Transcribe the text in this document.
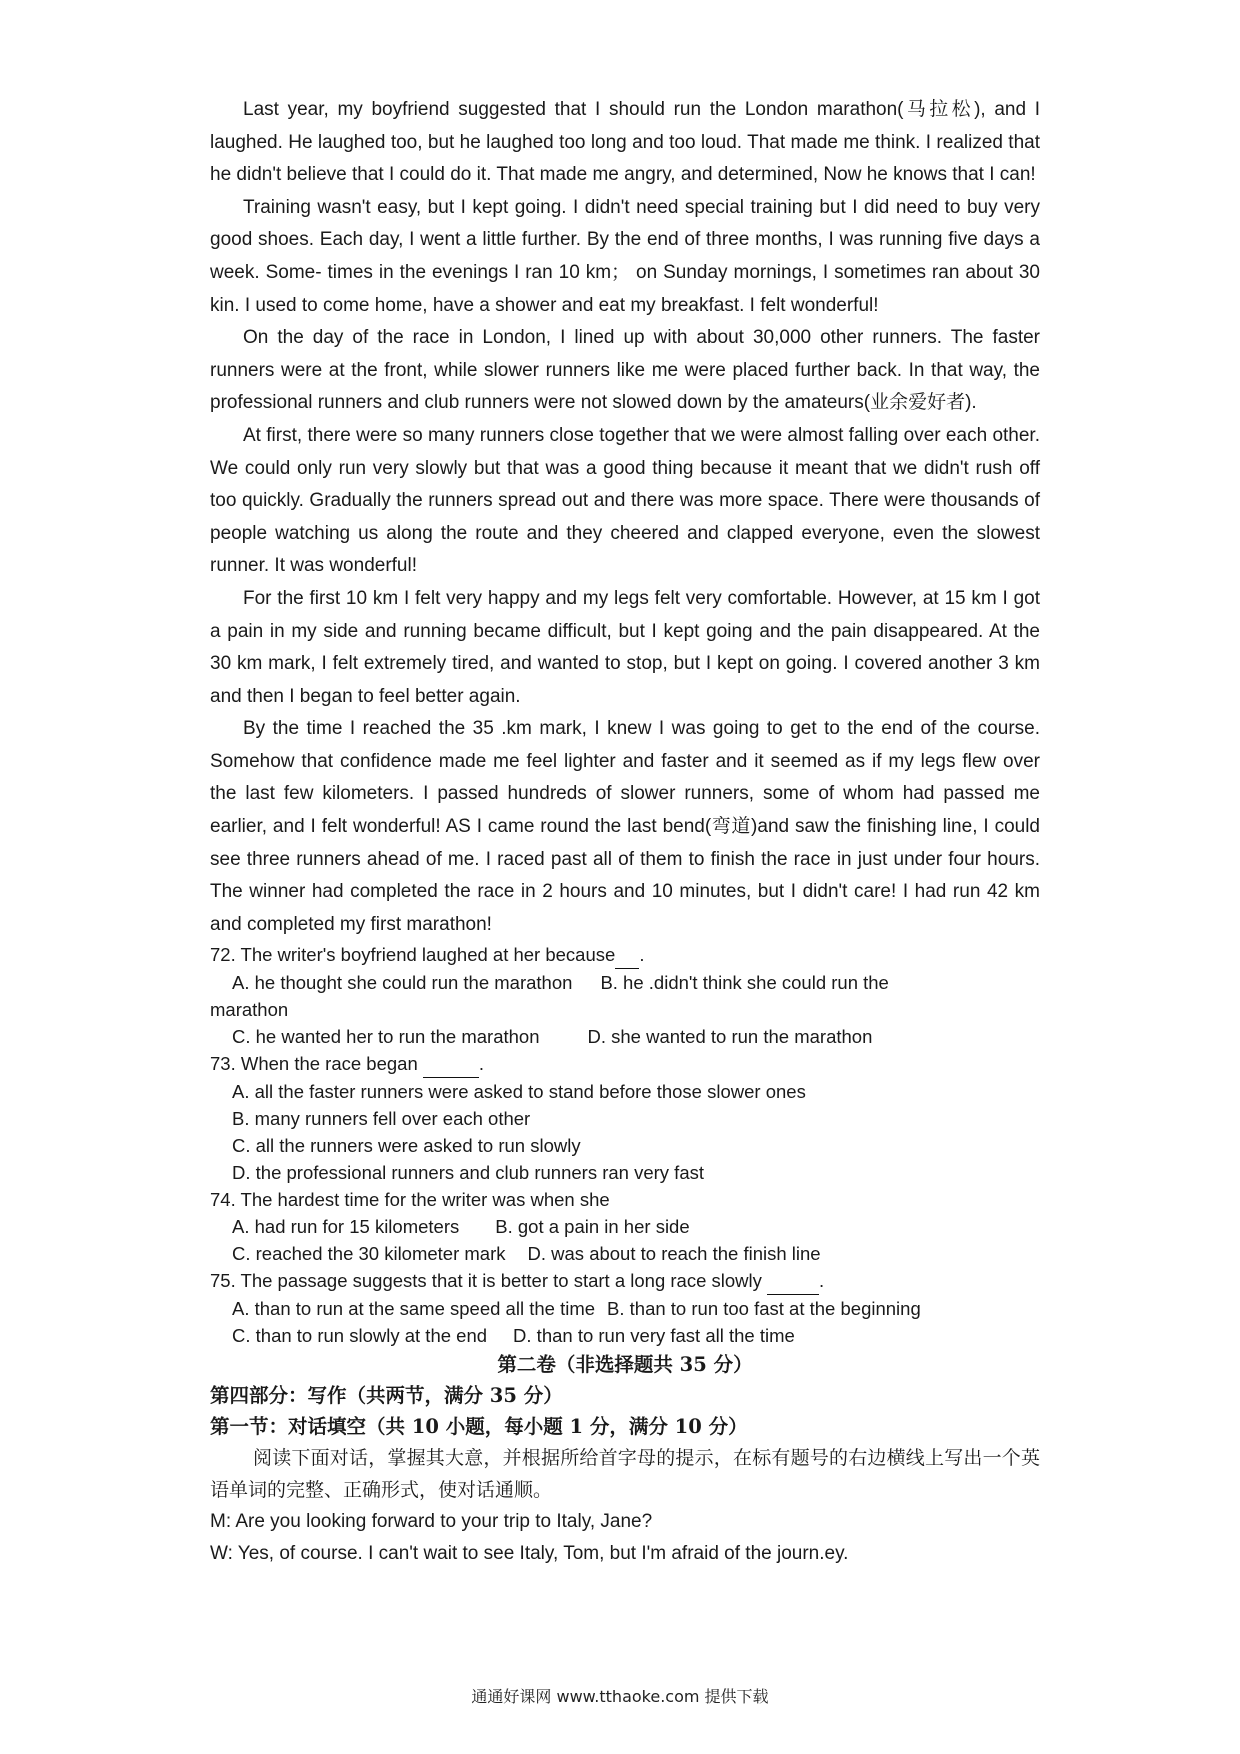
Last year, my boyfriend suggested that I should run the London marathon(马拉松), and I laughed. He laughed too, but he laughed too long and too loud. That made me think. I realized that he didn't believe that I could do it. That made me angry, and determined, Now he knows that I can!

Training wasn't easy, but I kept going. I didn't need special training but I did need to buy very good shoes. Each day, I went a little further. By the end of three months, I was running five days a week. Some- times in the evenings I ran 10 km； on Sunday mornings, I sometimes ran about 30 kin. I used to come home, have a shower and eat my breakfast. I felt wonderful!

On the day of the race in London, I lined up with about 30,000 other runners. The faster runners were at the front, while slower runners like me were placed further back. In that way, the professional runners and club runners were not slowed down by the amateurs(业余爱好者).

At first, there were so many runners close together that we were almost falling over each other. We could only run very slowly but that was a good thing because it meant that we didn't rush off too quickly. Gradually the runners spread out and there was more space. There were thousands of people watching us along the route and they cheered and clapped everyone, even the slowest runner. It was wonderful!

For the first 10 km I felt very happy and my legs felt very comfortable. However, at 15 km I got a pain in my side and running became difficult, but I kept going and the pain disappeared. At the 30 km mark, I felt extremely tired, and wanted to stop, but I kept on going. I covered another 3 km and then I began to feel better again.

By the time I reached the 35 .km mark, I knew I was going to get to the end of the course. Somehow that confidence made me feel lighter and faster and it seemed as if my legs flew over the last few kilometers. I passed hundreds of slower runners, some of whom had passed me earlier, and I felt wonderful! AS I came round the last bend(弯道)and saw the finishing line, I could see three runners ahead of me. I raced past all of them to finish the race in just under four hours. The winner had completed the race in 2 hours and 10 minutes, but I didn't care! I had run 42 km and completed my first marathon!

72. The writer's boyfriend laughed at her because .

A. he thought she could run the marathon B. he .didn't think she could run the

marathon

C. he wanted her to run the marathon	D. she wanted to run the marathon

73. When the race began	.

A. all the faster runners were asked to stand before those slower ones

B. many runners fell over each other

C. all the runners were asked to run slowly

D. the professional runners and club runners ran very fast

74. The hardest time for the writer was when she

A. had run for 15 kilometers B. got a pain in her side

C. reached the 30 kilometer mark D. was about to reach the finish line

75. The passage suggests that it is better to start a long race slowly	.

A. than to run at the same speed all the time B. than to run too fast at the beginning

C. than to run slowly at the end D. than to run very fast all the time

第二卷（非选择题共 35 分）

第四部分：写作（共两节，满分 35 分）

第一节：对话填空（共 10 小题，每小题 1 分，满分 10 分）

阅读下面对话，掌握其大意，并根据所给首字母的提示，在标有题号的右边横线上写出一个英语单词的完整、正确形式，使对话通顺。

M: Are you looking forward to your trip to Italy, Jane?

W: Yes, of course. I can't wait to see Italy, Tom, but I'm afraid of the journ.ey.

通通好课网 www.tthaoke.com 提供下载
